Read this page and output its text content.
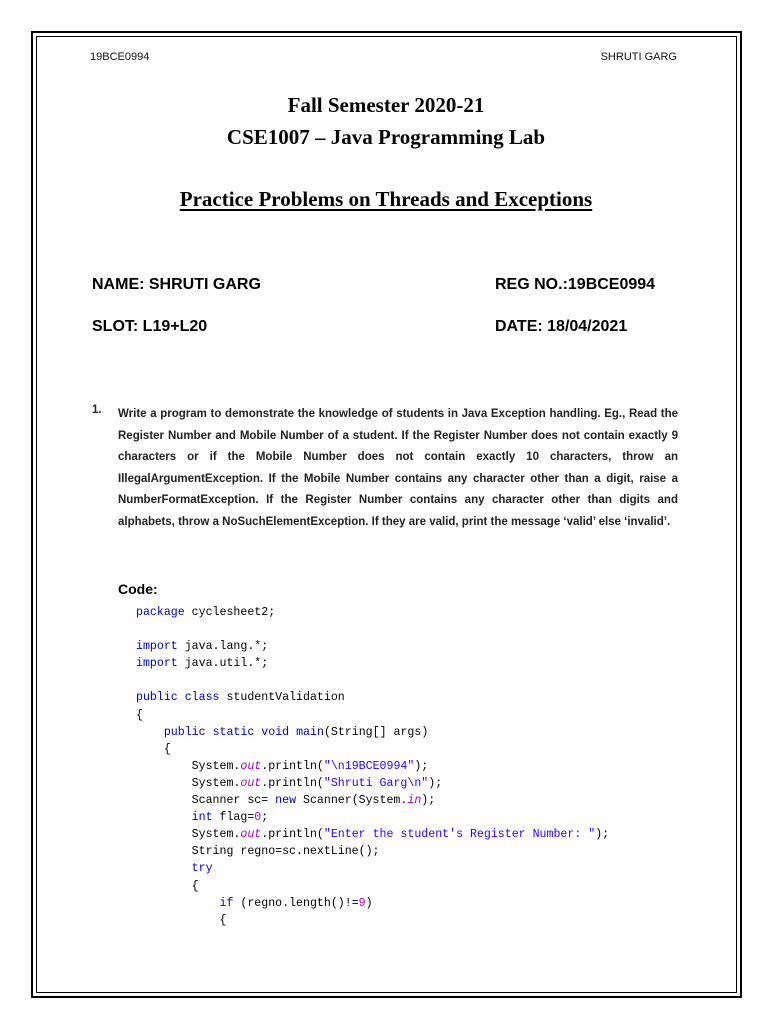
19BCE0994	SHRUTI GARG
Fall Semester 2020-21
CSE1007 – Java Programming Lab
Practice Problems on Threads and Exceptions
NAME: SHRUTI GARG	REG NO.:19BCE0994
SLOT: L19+L20	DATE: 18/04/2021
1. Write a program to demonstrate the knowledge of students in Java Exception handling. Eg., Read the Register Number and Mobile Number of a student. If the Register Number does not contain exactly 9 characters or if the Mobile Number does not contain exactly 10 characters, throw an IllegalArgumentException. If the Mobile Number contains any character other than a digit, raise a NumberFormatException. If the Register Number contains any character other than digits and alphabets, throw a NoSuchElementException. If they are valid, print the message ‘valid’ else ‘invalid’.

Code:
package cyclesheet2;

import java.lang.*;
import java.util.*;

public class studentValidation
{
public static void main(String[] args)
{
System.out.println("\n19BCE0994");
System.out.println("Shruti Garg\n");
Scanner sc= new Scanner(System.in);
int flag=0;
System.out.println("Enter the student's Register Number: ");
String regno=sc.nextLine();
try
{
if (regno.length()!=9)
{
